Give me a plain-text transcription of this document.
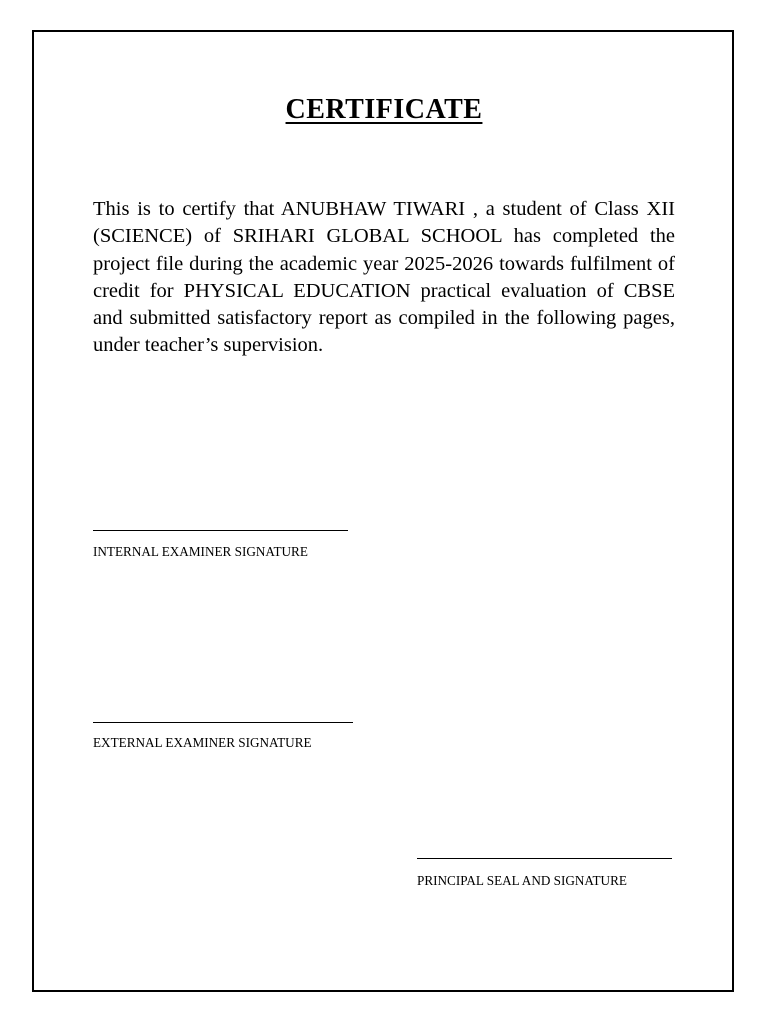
CERTIFICATE

This is to certify that ANUBHAW TIWARI , a student of Class XII (SCIENCE) of SRIHARI GLOBAL SCHOOL has completed the project file during the academic year 2025-2026 towards fulfilment of credit for PHYSICAL EDUCATION practical evaluation of CBSE and submitted satisfactory report as compiled in the following pages, under teacher’s supervision.

INTERNAL EXAMINER SIGNATURE

EXTERNAL EXAMINER SIGNATURE

PRINCIPAL SEAL AND SIGNATURE
